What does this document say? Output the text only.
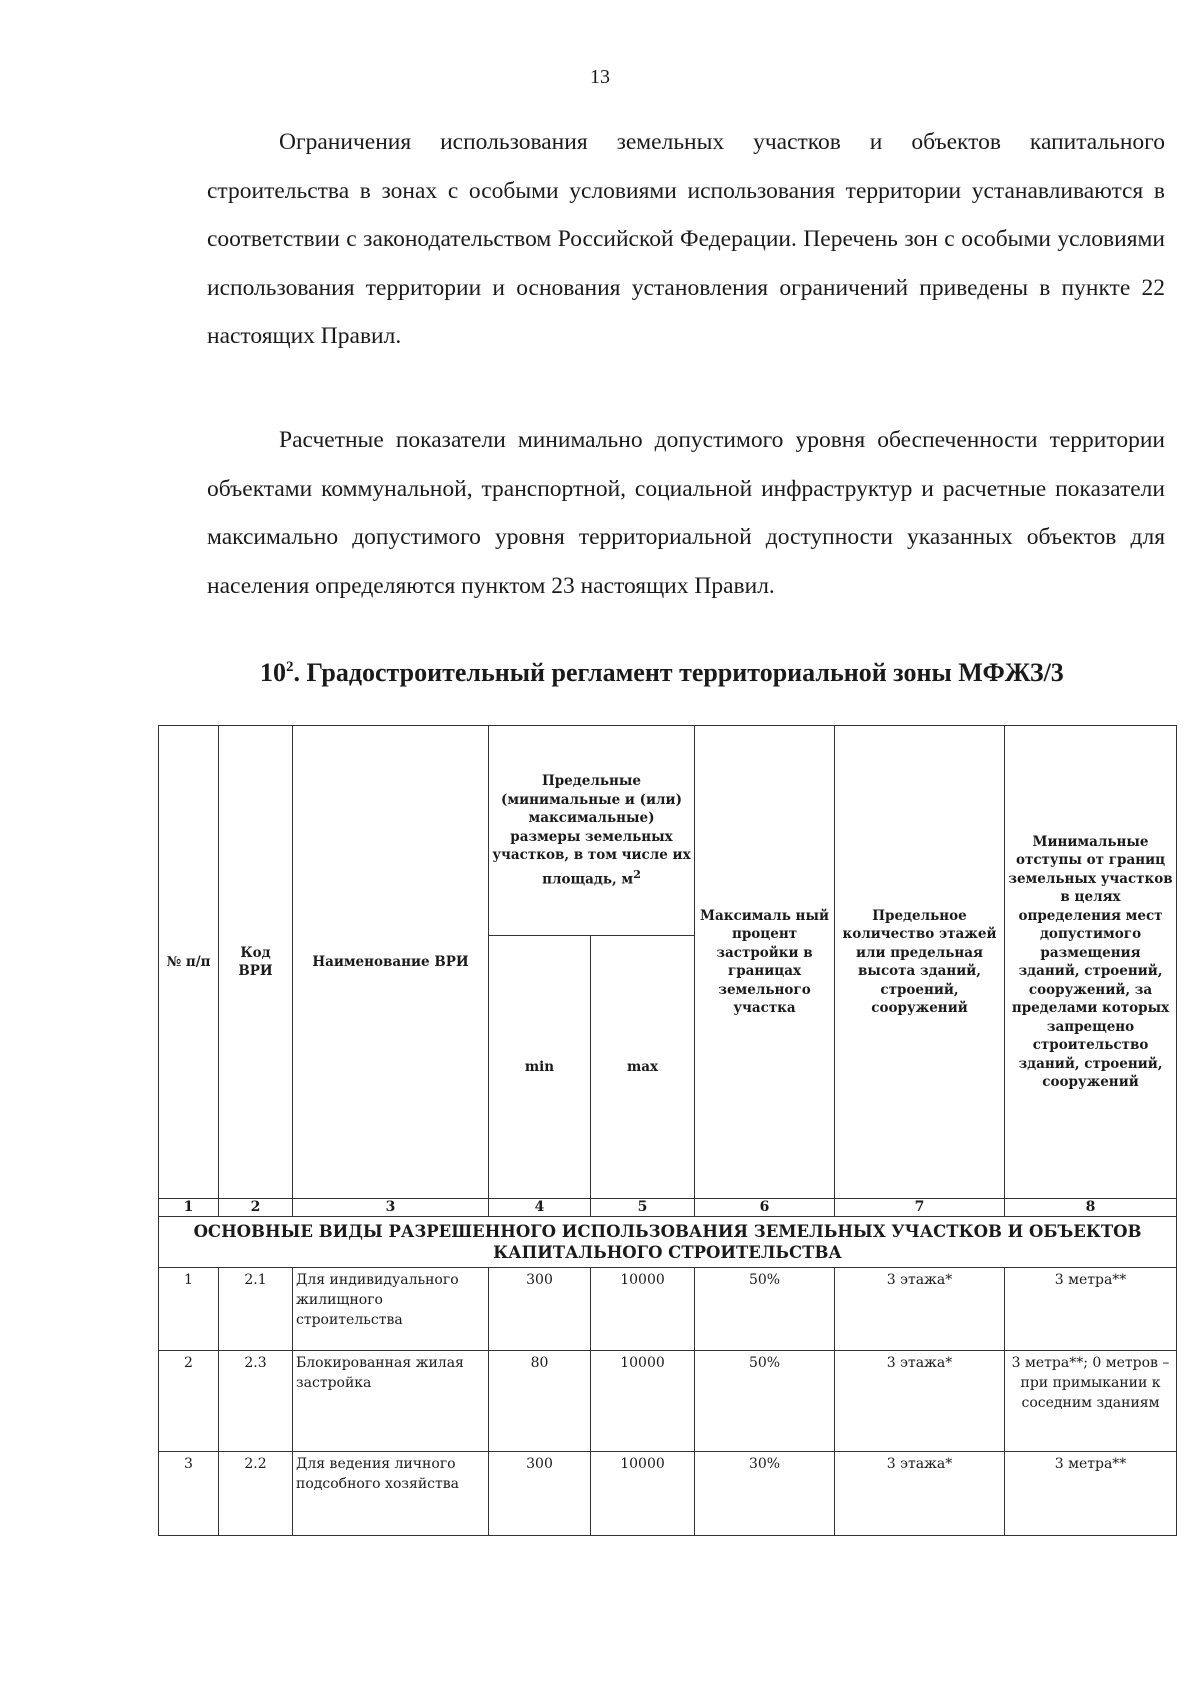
13

Ограничения использования земельных участков и объектов капитального строительства в зонах с особыми условиями использования территории устанавливаются в соответствии с законодательством Российской Федерации. Перечень зон с особыми условиями использования территории и основания установления ограничений приведены в пункте 22 настоящих Правил.

Расчетные показатели минимально допустимого уровня обеспеченности территории объектами коммунальной, транспортной, социальной инфраструктур и расчетные показатели максимально допустимого уровня территориальной доступности указанных объектов для населения определяются пунктом 23 настоящих Правил.

$10^2$. Градостроительный регламент территориальной зоны МФЖЗ/3
№ п/п	Код ВРИ	Наименование ВРИ	Предельные (минимальные и (или) максимальные) размеры земельных участков, в том числе их площадь, $м^2$		Максималь ный процент застройки в границах земельного участка	Предельное количество этажей или предельная высота зданий, строений, сооружений	Минимальные отступы от границ земельных участков в целях определения мест допустимого размещения зданий, строений, сооружений, за пределами которых запрещено строительство зданий, строений, сооружений
			min	max			
1	2	3	4	5	6	7	8
ОСНОВНЫЕ ВИДЫ РАЗРЕШЕННОГО ИСПОЛЬЗОВАНИЯ ЗЕМЕЛЬНЫХ УЧАСТКОВ И ОБЪЕКТОВ КАПИТАЛЬНОГО СТРОИТЕЛЬСТВА							
1	2.1	Для индивидуального жилищного строительства	300	10000	50%	3 этажа*	3 метра**
2	2.3	Блокированная жилая застройка	80	10000	50%	3 этажа*	3 метра**; 0 метров – при примыкании к соседним зданиям
3	2.2	Для ведения личного подсобного хозяйства	300	10000	30%	3 этажа*	3 метра**
